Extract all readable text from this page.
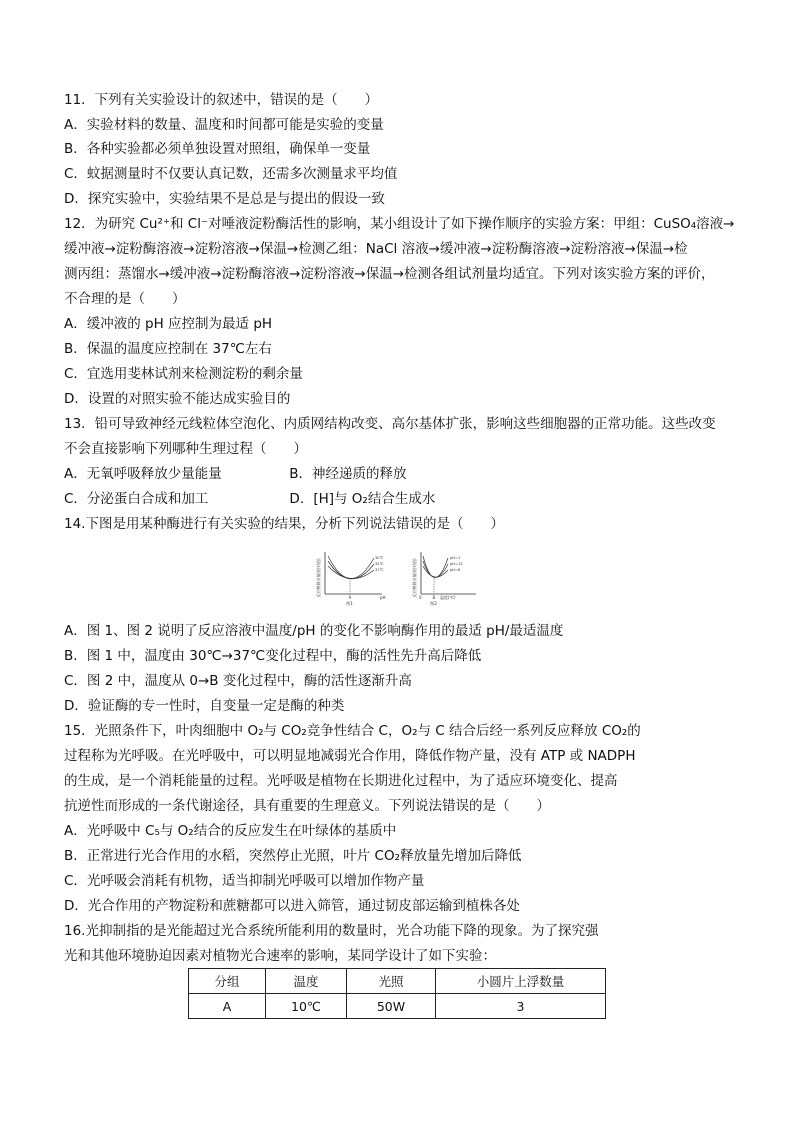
11．下列有关实验设计的叙述中，错误的是（　　）
A．实验材料的数量、温度和时间都可能是实验的变量
B．各种实验都必须单独设置对照组，确保单一变量
C．蚊据测量时不仅要认真记数，还需多次测量求平均值
D．探究实验中，实验结果不是总是与提出的假设一致
12．为研究 Cu²⁺和 Cl⁻对唾液淀粉酶活性的影响，某小组设计了如下操作顺序的实验方案：甲组：CuSO₄溶液→
缓冲液→淀粉酶溶液→淀粉溶液→保温→检测乙组：NaCl 溶液→缓冲液→淀粉酶溶液→淀粉溶液→保温→检
测丙组：蒸馏水→缓冲液→淀粉酶溶液→淀粉溶液→保温→检测各组试剂量均适宜。下列对该实验方案的评价，
不合理的是（　　）
A．缓冲液的 pH 应控制为最适 pH
B．保温的温度应控制在 37℃左右
C．宜选用斐林试剂来检测淀粉的剩余量
D．设置的对照实验不能达成实验目的
13．铅可导致神经元线粒体空泡化、内质网结构改变、高尔基体扩张，影响这些细胞器的正常功能。这些改变
不会直接影响下列哪种生理过程（　　）
A．无氧呼吸释放少量能量　　　　　B．神经递质的释放
C．分泌蛋白合成和加工　　　　　　D．[H]与 O₂结合生成水
14.下图是用某种酶进行有关实验的结果，分析下列说法错误的是（　　）
反应物剩余量(相对值)
30℃
35℃
37℃
A	pH
图1
反应物剩余量(相对值)
pH=1
pH=13
pH=6
0	B 温度(℃)
图2
A．图 1、图 2 说明了反应溶液中温度/pH 的变化不影响酶作用的最适 pH/最适温度
B．图 1 中，温度由 30℃→37℃变化过程中，酶的活性先升高后降低
C．图 2 中，温度从 0→B 变化过程中，酶的活性逐渐升高
D．验证酶的专一性时，自变量一定是酶的种类
15．光照条件下，叶肉细胞中 O₂与 CO₂竞争性结合 C，O₂与 C 结合后经一系列反应释放 CO₂的
过程称为光呼吸。在光呼吸中，可以明显地减弱光合作用，降低作物产量，没有 ATP 或 NADPH
的生成，是一个消耗能量的过程。光呼吸是植物在长期进化过程中，为了适应环境变化、提高
抗逆性而形成的一条代谢途径，具有重要的生理意义。下列说法错误的是（　　）
A．光呼吸中 C₅与 O₂结合的反应发生在叶绿体的基质中
B．正常进行光合作用的水稻，突然停止光照，叶片 CO₂释放量先增加后降低
C．光呼吸会消耗有机物，适当抑制光呼吸可以增加作物产量
D．光合作用的产物淀粉和蔗糖都可以进入筛管，通过韧皮部运输到植株各处
16.光抑制指的是光能超过光合系统所能利用的数量时，光合功能下降的现象。为了探究强
光和其他环境胁迫因素对植物光合速率的影响，某同学设计了如下实验：
分组	温度	光照	小圆片上浮数量
A	10℃	50W	3
